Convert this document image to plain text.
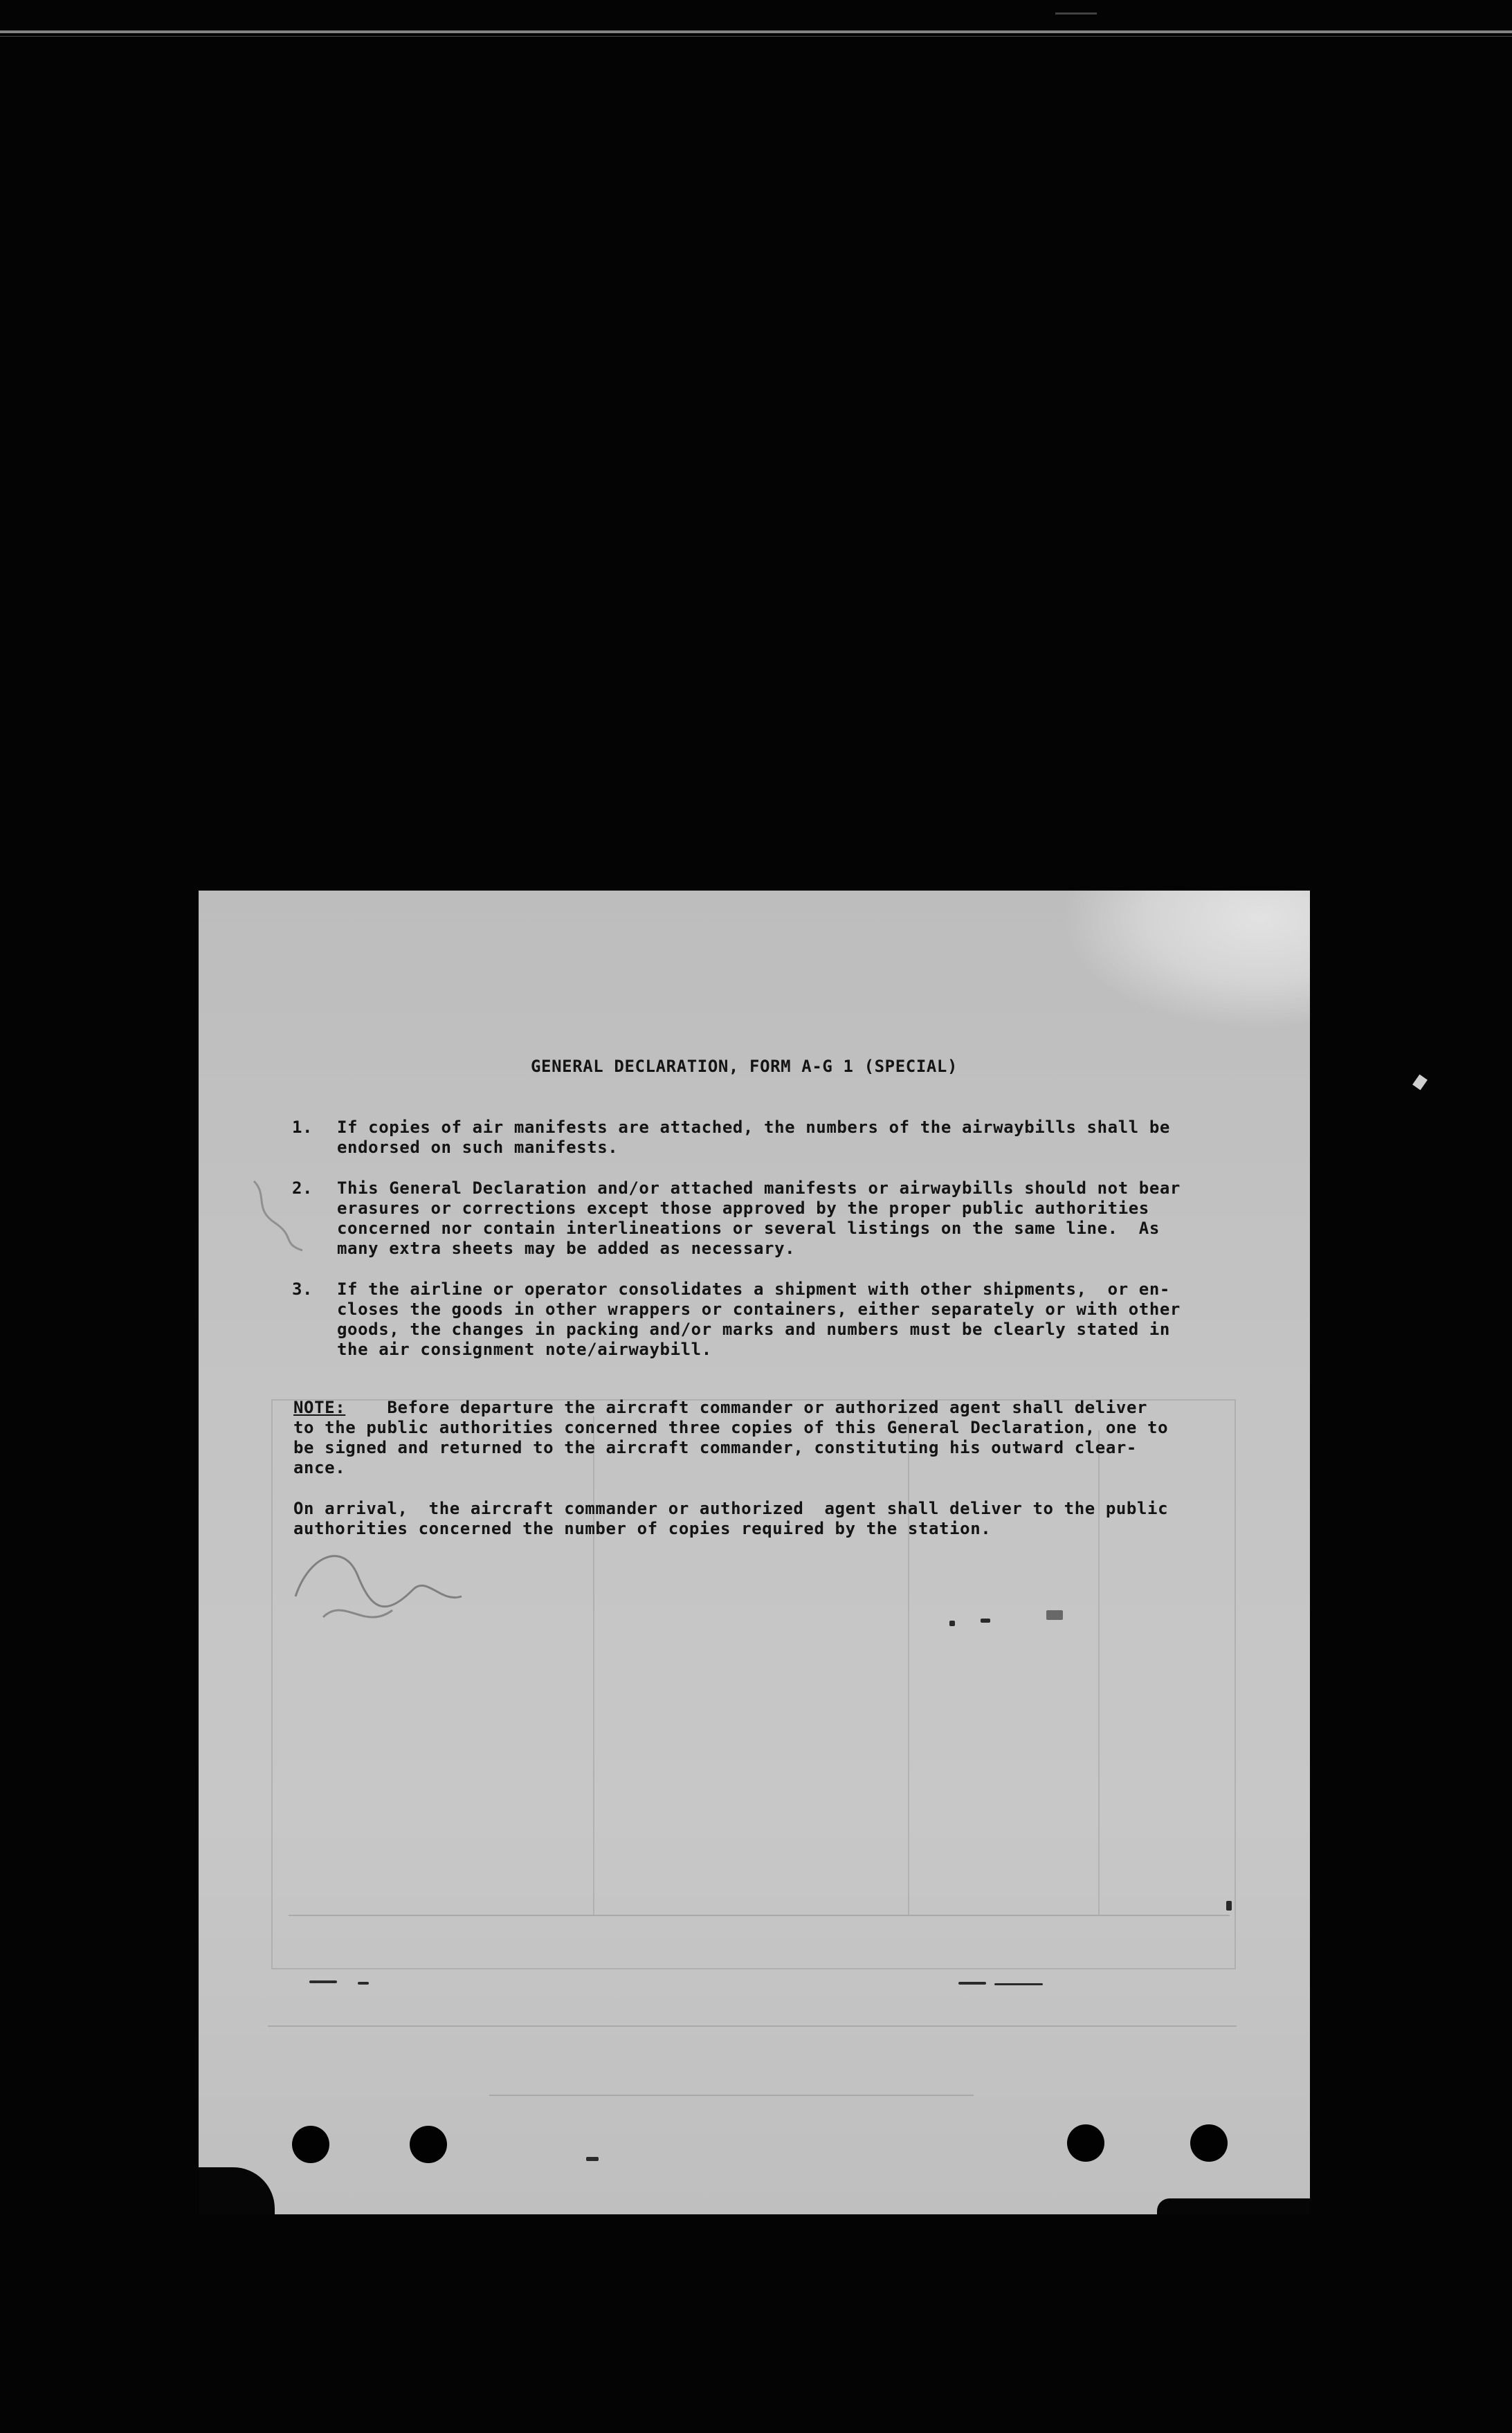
GENERAL DECLARATION, FORM A-G 1 (SPECIAL)
1.	If copies of air manifests are attached, the numbers of the airwaybills shall be
endorsed on such manifests.
2.	This General Declaration and/or attached manifests or airwaybills should not bear
erasures or corrections except those approved by the proper public authorities
concerned nor contain interlineations or several listings on the same line.  As
many extra sheets may be added as necessary.
3.	If the airline or operator consolidates a shipment with other shipments,  or en-
closes the goods in other wrappers or containers, either separately or with other
goods, the changes in packing and/or marks and numbers must be clearly stated in
the air consignment note/airwaybill.
NOTE:    Before departure the aircraft commander or authorized agent shall deliver
to the public authorities concerned three copies of this General Declaration, one to
be signed and returned to the aircraft commander, constituting his outward clear-
ance.
On arrival,  the aircraft commander or authorized  agent shall deliver to the public
authorities concerned the number of copies required by the station.
